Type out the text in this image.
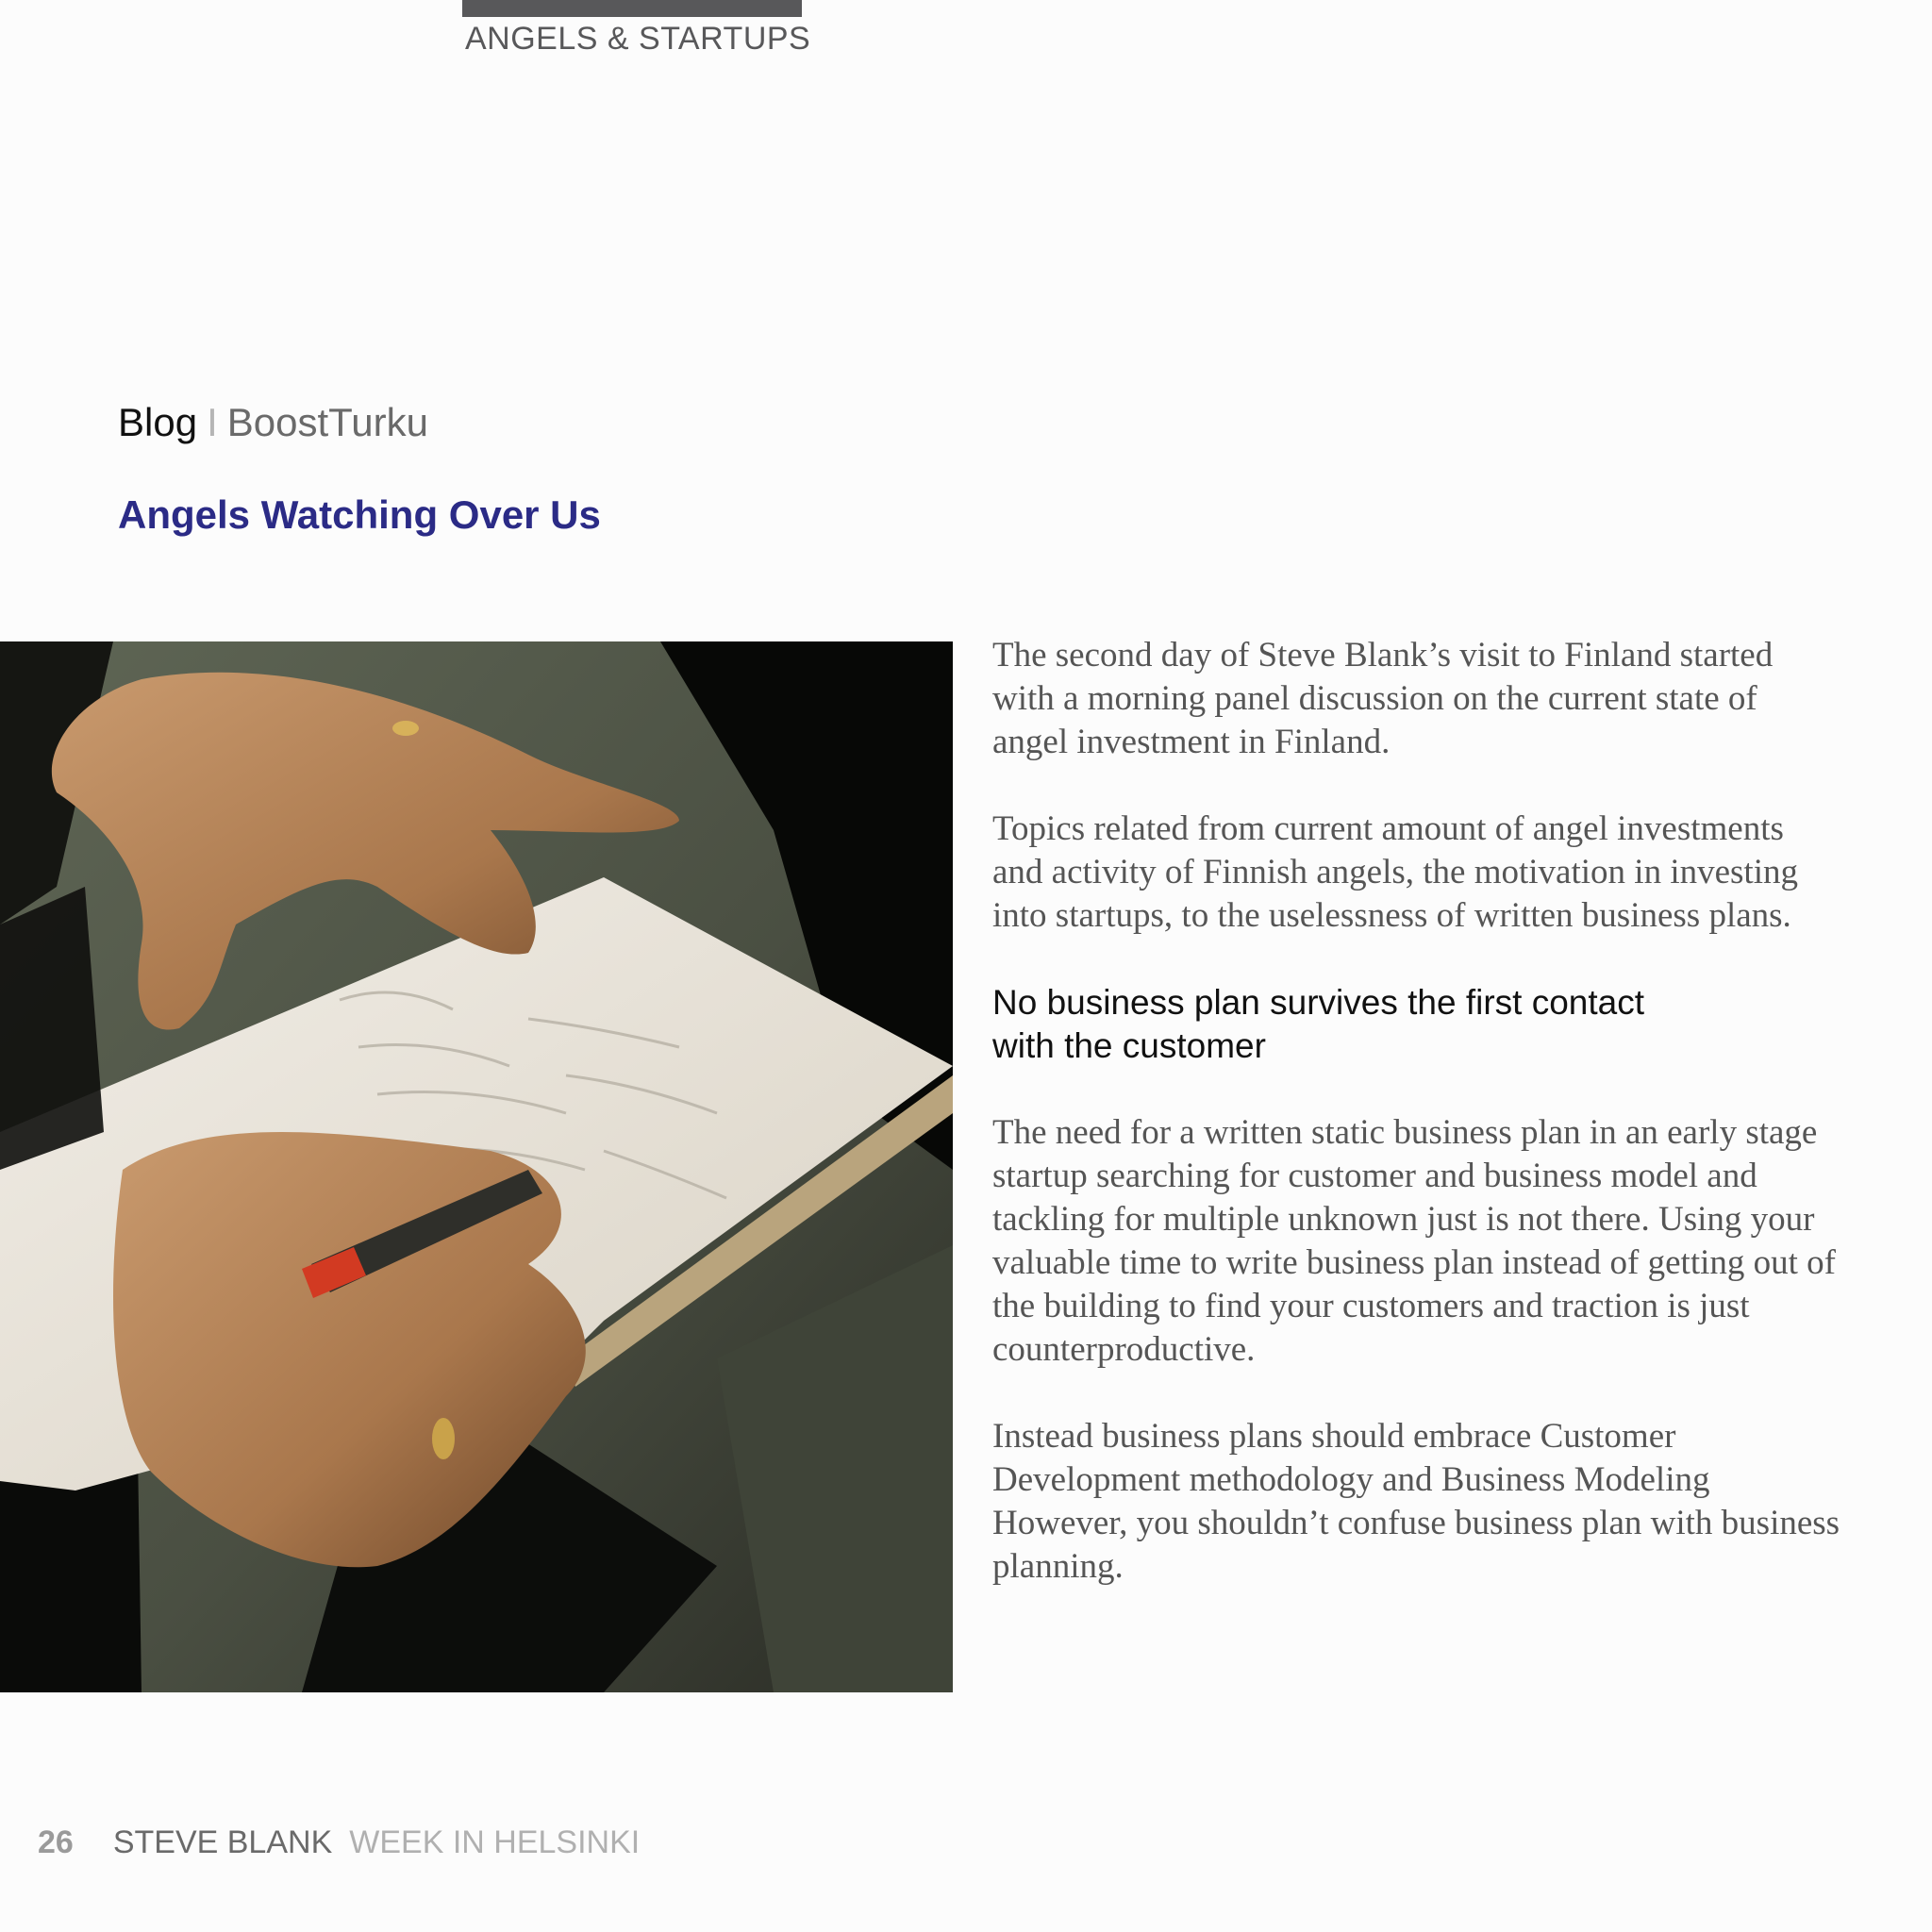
ANGELS & STARTUPS
Blog I BoostTurku
Angels Watching Over Us

The second day of Steve Blank’s visit to Finland started with a morning panel discussion on the current state of angel investment in Finland.

Topics related from current amount of angel investments and activity of Finnish angels, the motivation in investing into startups, to the uselessness of written business plans.

No business plan survives the first contact
with the customer

The need for a written static business plan in an early stage startup searching for customer and business model and tackling for multiple unknown just is not there. Using your valuable time to write business plan instead of getting out of the building to find your customers and traction is just counterproductive.

Instead business plans should embrace Customer Development methodology and Business Modeling However, you shouldn’t confuse business plan with business planning.

26 STEVE BLANK WEEK IN HELSINKI
